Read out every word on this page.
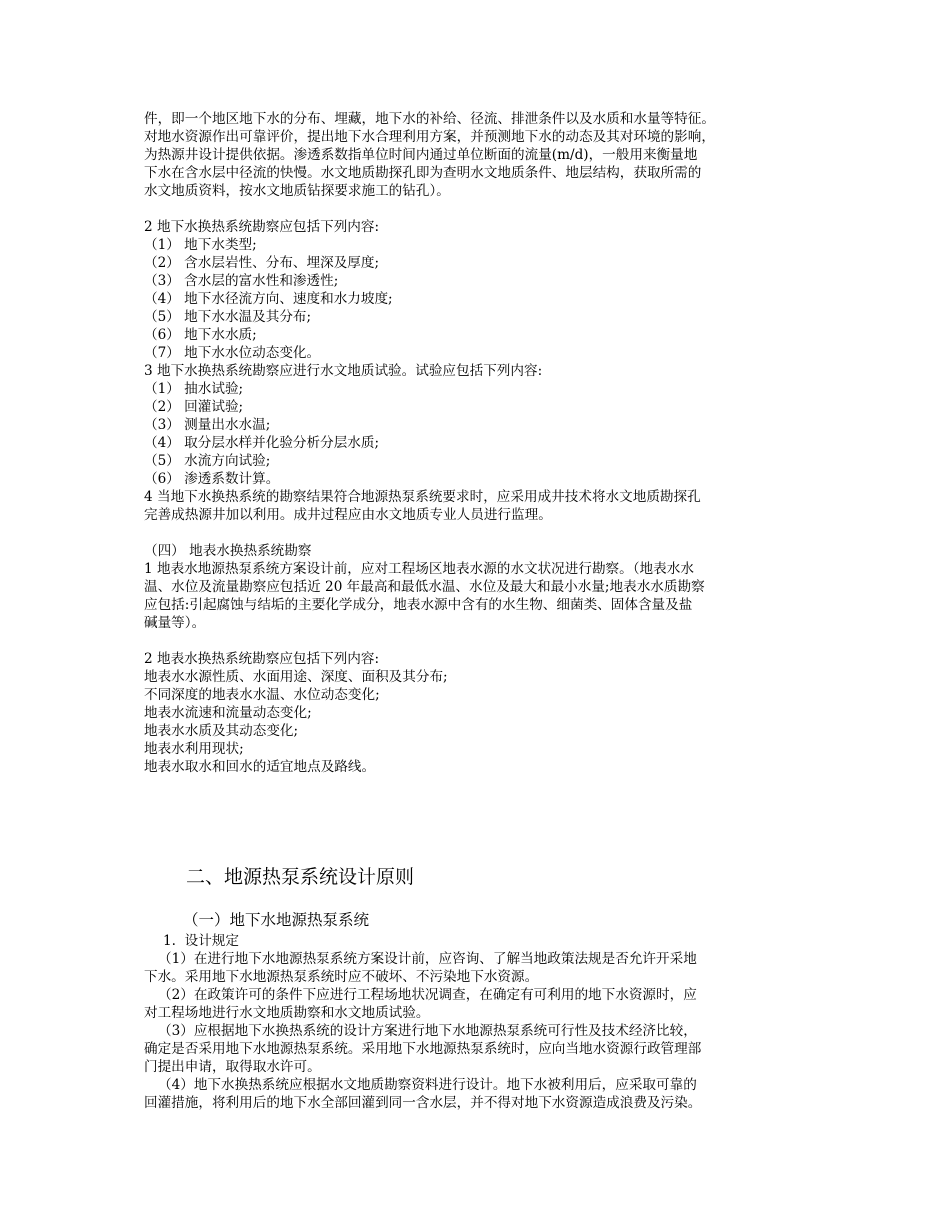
件，即一个地区地下水的分布、埋藏，地下水的补给、径流、排泄条件以及水质和水量等特征。
对地水资源作出可靠评价，提出地下水合理利用方案，并预测地下水的动态及其对环境的影响，
为热源井设计提供依据。渗透系数指单位时间内通过单位断面的流量(m/d)，一般用来衡量地
下水在含水层中径流的快慢。水文地质勘探孔即为查明水文地质条件、地层结构，获取所需的
水文地质资料，按水文地质钻探要求施工的钻孔）。
2 地下水换热系统勘察应包括下列内容:
（1） 地下水类型;
（2） 含水层岩性、分布、埋深及厚度;
（3） 含水层的富水性和渗透性;
（4） 地下水径流方向、速度和水力坡度;
（5） 地下水水温及其分布;
（6） 地下水水质;
（7） 地下水水位动态变化。
3 地下水换热系统勘察应进行水文地质试验。试验应包括下列内容:
（1） 抽水试验;
（2） 回灌试验;
（3） 测量出水水温;
（4） 取分层水样并化验分析分层水质;
（5） 水流方向试验;
（6） 渗透系数计算。
4 当地下水换热系统的勘察结果符合地源热泵系统要求时，应采用成井技术将水文地质勘探孔
完善成热源井加以利用。成井过程应由水文地质专业人员进行监理。
（四） 地表水换热系统勘察
1 地表水地源热泵系统方案设计前，应对工程场区地表水源的水文状况进行勘察。（地表水水
温、水位及流量勘察应包括近 20 年最高和最低水温、水位及最大和最小水量;地表水水质勘察
应包括:引起腐蚀与结垢的主要化学成分，地表水源中含有的水生物、细菌类、固体含量及盐
碱量等）。
2 地表水换热系统勘察应包括下列内容:
地表水水源性质、水面用途、深度、面积及其分布;
不同深度的地表水水温、水位动态变化;
地表水流速和流量动态变化;
地表水水质及其动态变化;
地表水利用现状;
地表水取水和回水的适宜地点及路线。
二、地源热泵系统设计原则
（一）地下水地源热泵系统
1.  设计规定
（1）在进行地下水地源热泵系统方案设计前，应咨询、了解当地政策法规是否允许开采地
下水。采用地下水地源热泵系统时应不破坏、不污染地下水资源。
（2）在政策许可的条件下应进行工程场地状况调查，在确定有可利用的地下水资源时，应
对工程场地进行水文地质勘察和水文地质试验。
（3）应根据地下水换热系统的设计方案进行地下水地源热泵系统可行性及技术经济比较，
确定是否采用地下水地源热泵系统。采用地下水地源热泵系统时，应向当地水资源行政管理部
门提出申请，取得取水许可。
（4）地下水换热系统应根据水文地质勘察资料进行设计。地下水被利用后，应采取可靠的
回灌措施，将利用后的地下水全部回灌到同一含水层，并不得对地下水资源造成浪费及污染。
